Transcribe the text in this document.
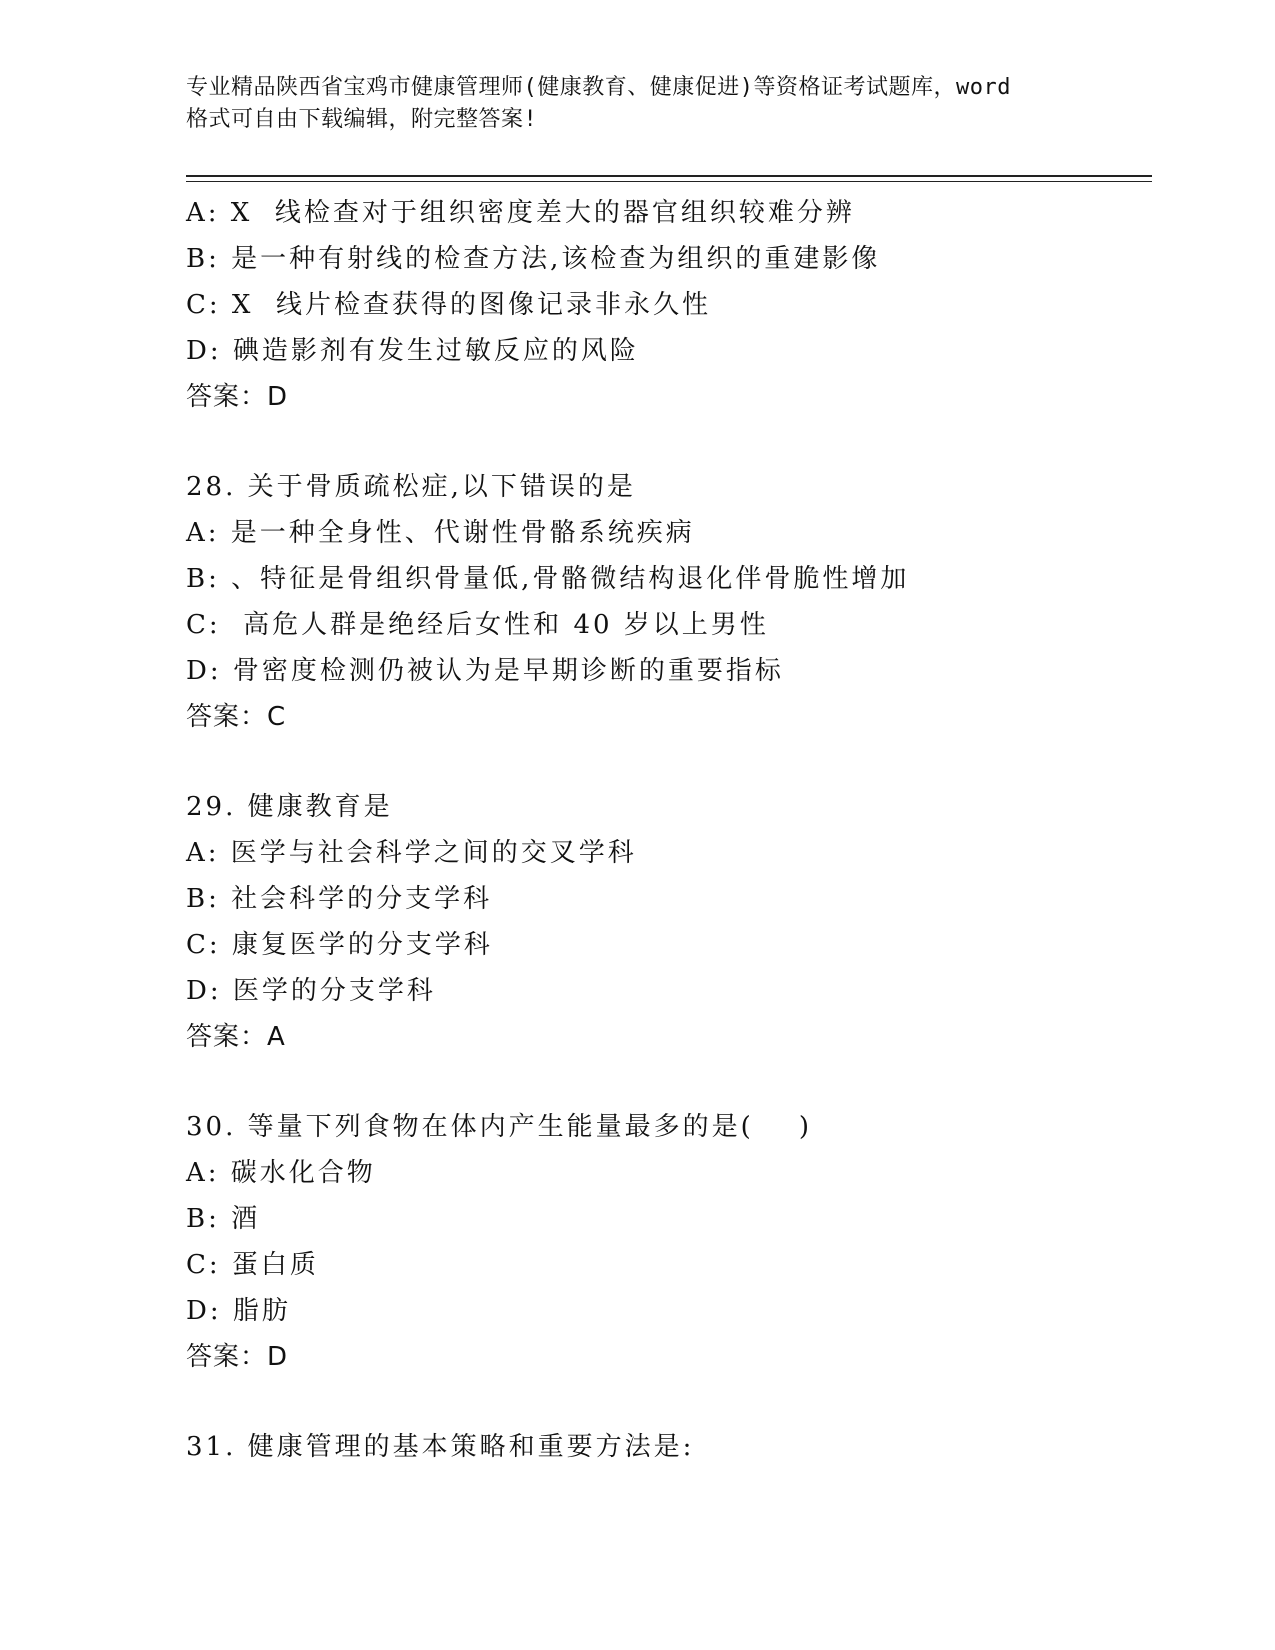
专业精品陕西省宝鸡市健康管理师(健康教育、健康促进)等资格证考试题库，word
格式可自由下载编辑，附完整答案!
A: X  线检查对于组织密度差大的器官组织较难分辨
B: 是一种有射线的检查方法,该检查为组织的重建影像
C: X  线片检查获得的图像记录非永久性
D: 碘造影剂有发生过敏反应的风险
答案：D
28. 关于骨质疏松症,以下错误的是
A: 是一种全身性、代谢性骨骼系统疾病
B: 、特征是骨组织骨量低,骨骼微结构退化伴骨脆性增加
C:  高危人群是绝经后女性和 40 岁以上男性
D: 骨密度检测仍被认为是早期诊断的重要指标
答案：C
29. 健康教育是
A: 医学与社会科学之间的交叉学科
B: 社会科学的分支学科
C: 康复医学的分支学科
D: 医学的分支学科
答案：A
30. 等量下列食物在体内产生能量最多的是(    )
A: 碳水化合物
B: 酒
C: 蛋白质
D: 脂肪
答案：D
31. 健康管理的基本策略和重要方法是:
